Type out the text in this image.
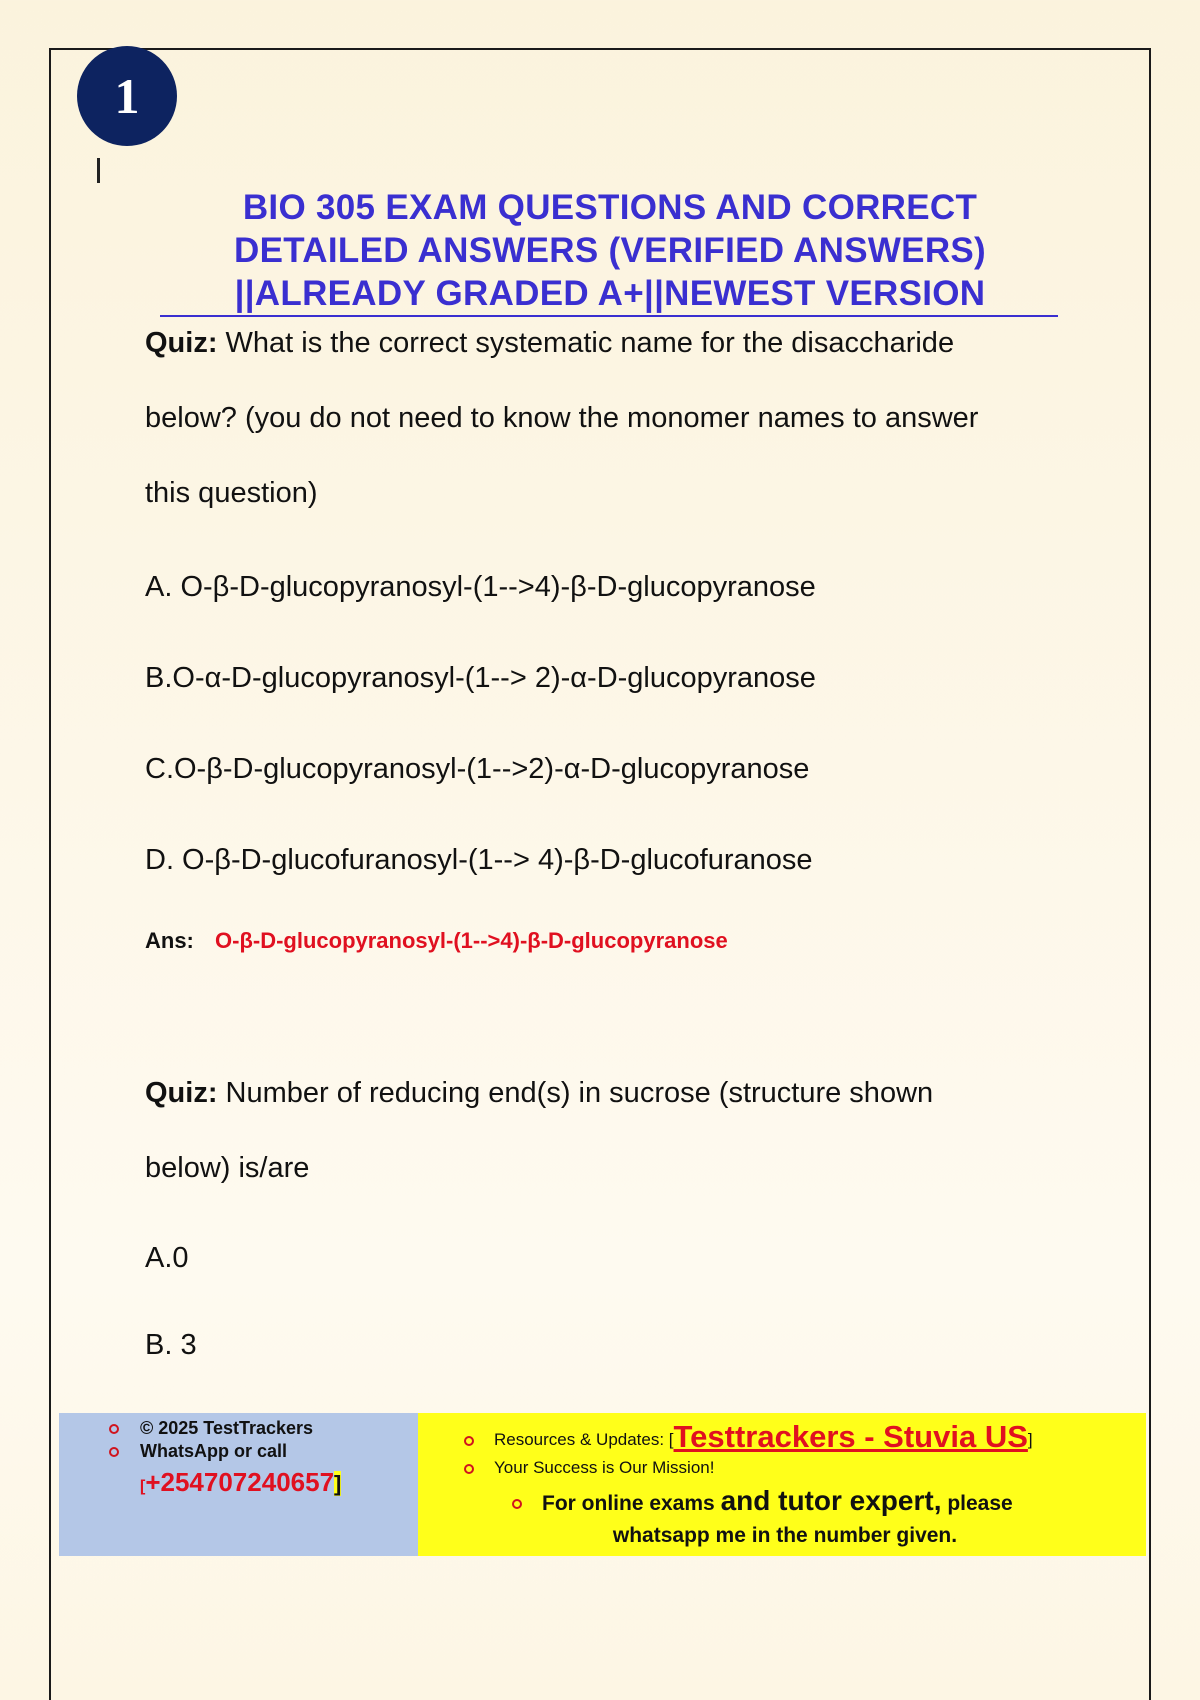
1
BIO 305 EXAM QUESTIONS AND CORRECT
DETAILED ANSWERS (VERIFIED ANSWERS)
||ALREADY GRADED A+||NEWEST VERSION
Quiz: What is the correct systematic name for the disaccharide
below? (you do not need to know the monomer names to answer
this question)
A. O-β-D-glucopyranosyl-(1-->4)-β-D-glucopyranose
B.O-α-D-glucopyranosyl-(1--> 2)-α-D-glucopyranose
C.O-β-D-glucopyranosyl-(1-->2)-α-D-glucopyranose
D. O-β-D-glucofuranosyl-(1--> 4)-β-D-glucofuranose
Ans: O-β-D-glucopyranosyl-(1-->4)-β-D-glucopyranose
Quiz: Number of reducing end(s) in sucrose (structure shown
below) is/are
A.0
B. 3
© 2025 TestTrackers
WhatsApp or call
[+254707240657]
Resources & Updates: [Testtrackers - Stuvia US]
Your Success is Our Mission!
For online exams and tutor expert, please
whatsapp me in the number given.
